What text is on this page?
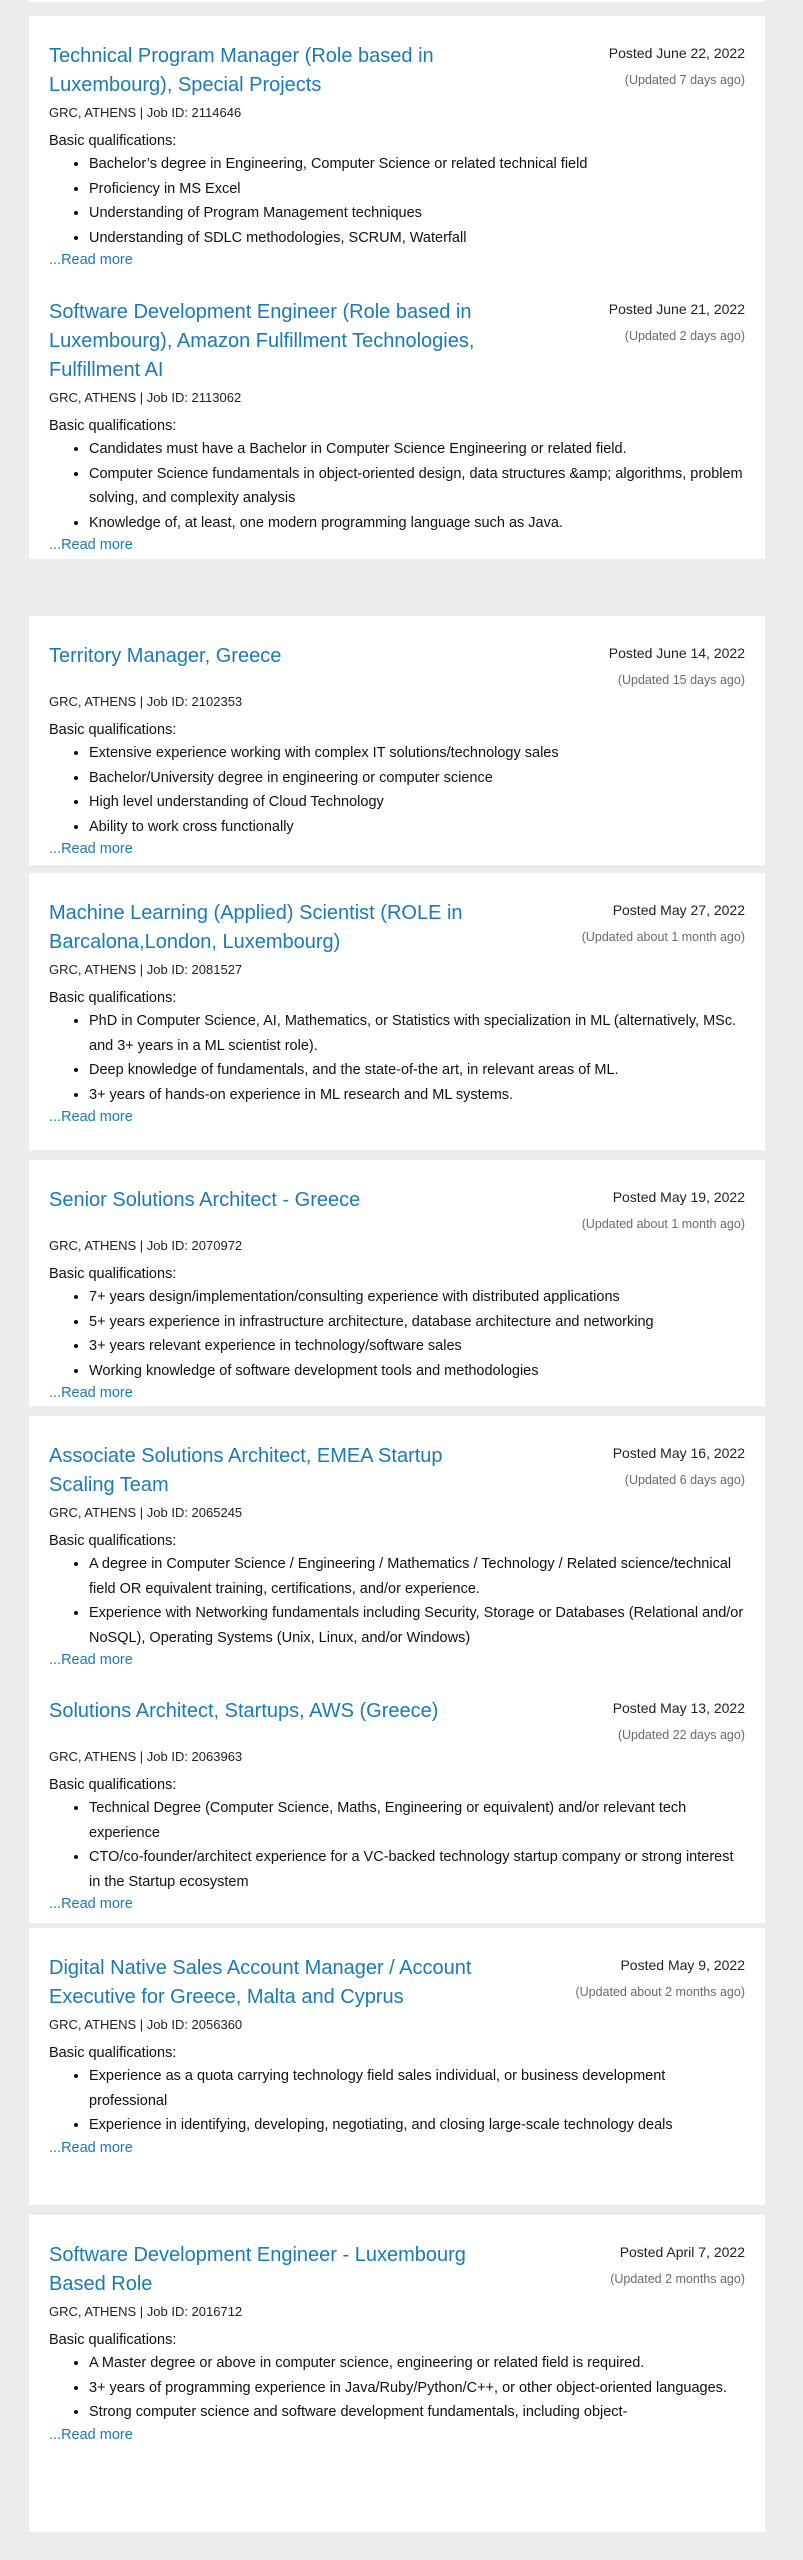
Technical Program Manager (Role based in Luxembourg), Special Projects
Posted June 22, 2022
(Updated 7 days ago)
GRC, ATHENS | Job ID: 2114646
Basic qualifications:
• Bachelor’s degree in Engineering, Computer Science or related technical field
• Proficiency in MS Excel
• Understanding of Program Management techniques
• Understanding of SDLC methodologies, SCRUM, Waterfall
...Read more
Software Development Engineer (Role based in Luxembourg), Amazon Fulfillment Technologies, Fulfillment AI
Posted June 21, 2022
(Updated 2 days ago)
GRC, ATHENS | Job ID: 2113062
Basic qualifications:
• Candidates must have a Bachelor in Computer Science Engineering or related field.
• Computer Science fundamentals in object-oriented design, data structures &amp; algorithms, problem solving, and complexity analysis
• Knowledge of, at least, one modern programming language such as Java.
...Read more
Territory Manager, Greece	Posted June 14, 2022
(Updated 15 days ago)
GRC, ATHENS | Job ID: 2102353
Basic qualifications:
• Extensive experience working with complex IT solutions/technology sales
• Bachelor/University degree in engineering or computer science
• High level understanding of Cloud Technology
• Ability to work cross functionally
...Read more
Machine Learning (Applied) Scientist (ROLE in Barcalona,London, Luxembourg)
Posted May 27, 2022
(Updated about 1 month ago)
GRC, ATHENS | Job ID: 2081527
Basic qualifications:
• PhD in Computer Science, AI, Mathematics, or Statistics with specialization in ML (alternatively, MSc. and 3+ years in a ML scientist role).
• Deep knowledge of fundamentals, and the state-of-the art, in relevant areas of ML.
• 3+ years of hands-on experience in ML research and ML systems.
...Read more
Senior Solutions Architect - Greece	Posted May 19, 2022
(Updated about 1 month ago)
GRC, ATHENS | Job ID: 2070972
Basic qualifications:
• 7+ years design/implementation/consulting experience with distributed applications
• 5+ years experience in infrastructure architecture, database architecture and networking
• 3+ years relevant experience in technology/software sales
• Working knowledge of software development tools and methodologies
...Read more
Associate Solutions Architect, EMEA Startup Scaling Team
Posted May 16, 2022
(Updated 6 days ago)
GRC, ATHENS | Job ID: 2065245
Basic qualifications:
• A degree in Computer Science / Engineering / Mathematics / Technology / Related science/technical field OR equivalent training, certifications, and/or experience.
• Experience with Networking fundamentals including Security, Storage or Databases (Relational and/or NoSQL), Operating Systems (Unix, Linux, and/or Windows)
...Read more
Solutions Architect, Startups, AWS (Greece)	Posted May 13, 2022
(Updated 22 days ago)
GRC, ATHENS | Job ID: 2063963
Basic qualifications:
• Technical Degree (Computer Science, Maths, Engineering or equivalent) and/or relevant tech experience
• CTO/co-founder/architect experience for a VC-backed technology startup company or strong interest in the Startup ecosystem
...Read more
Digital Native Sales Account Manager / Account Executive for Greece, Malta and Cyprus
Posted May 9, 2022
(Updated about 2 months ago)
GRC, ATHENS | Job ID: 2056360
Basic qualifications:
• Experience as a quota carrying technology field sales individual, or business development professional
• Experience in identifying, developing, negotiating, and closing large-scale technology deals
...Read more
Software Development Engineer - Luxembourg Based Role
Posted April 7, 2022
(Updated 2 months ago)
GRC, ATHENS | Job ID: 2016712
Basic qualifications:
• A Master degree or above in computer science, engineering or related field is required.
• 3+ years of programming experience in Java/Ruby/Python/C++, or other object-oriented languages.
• Strong computer science and software development fundamentals, including object-
...Read more
